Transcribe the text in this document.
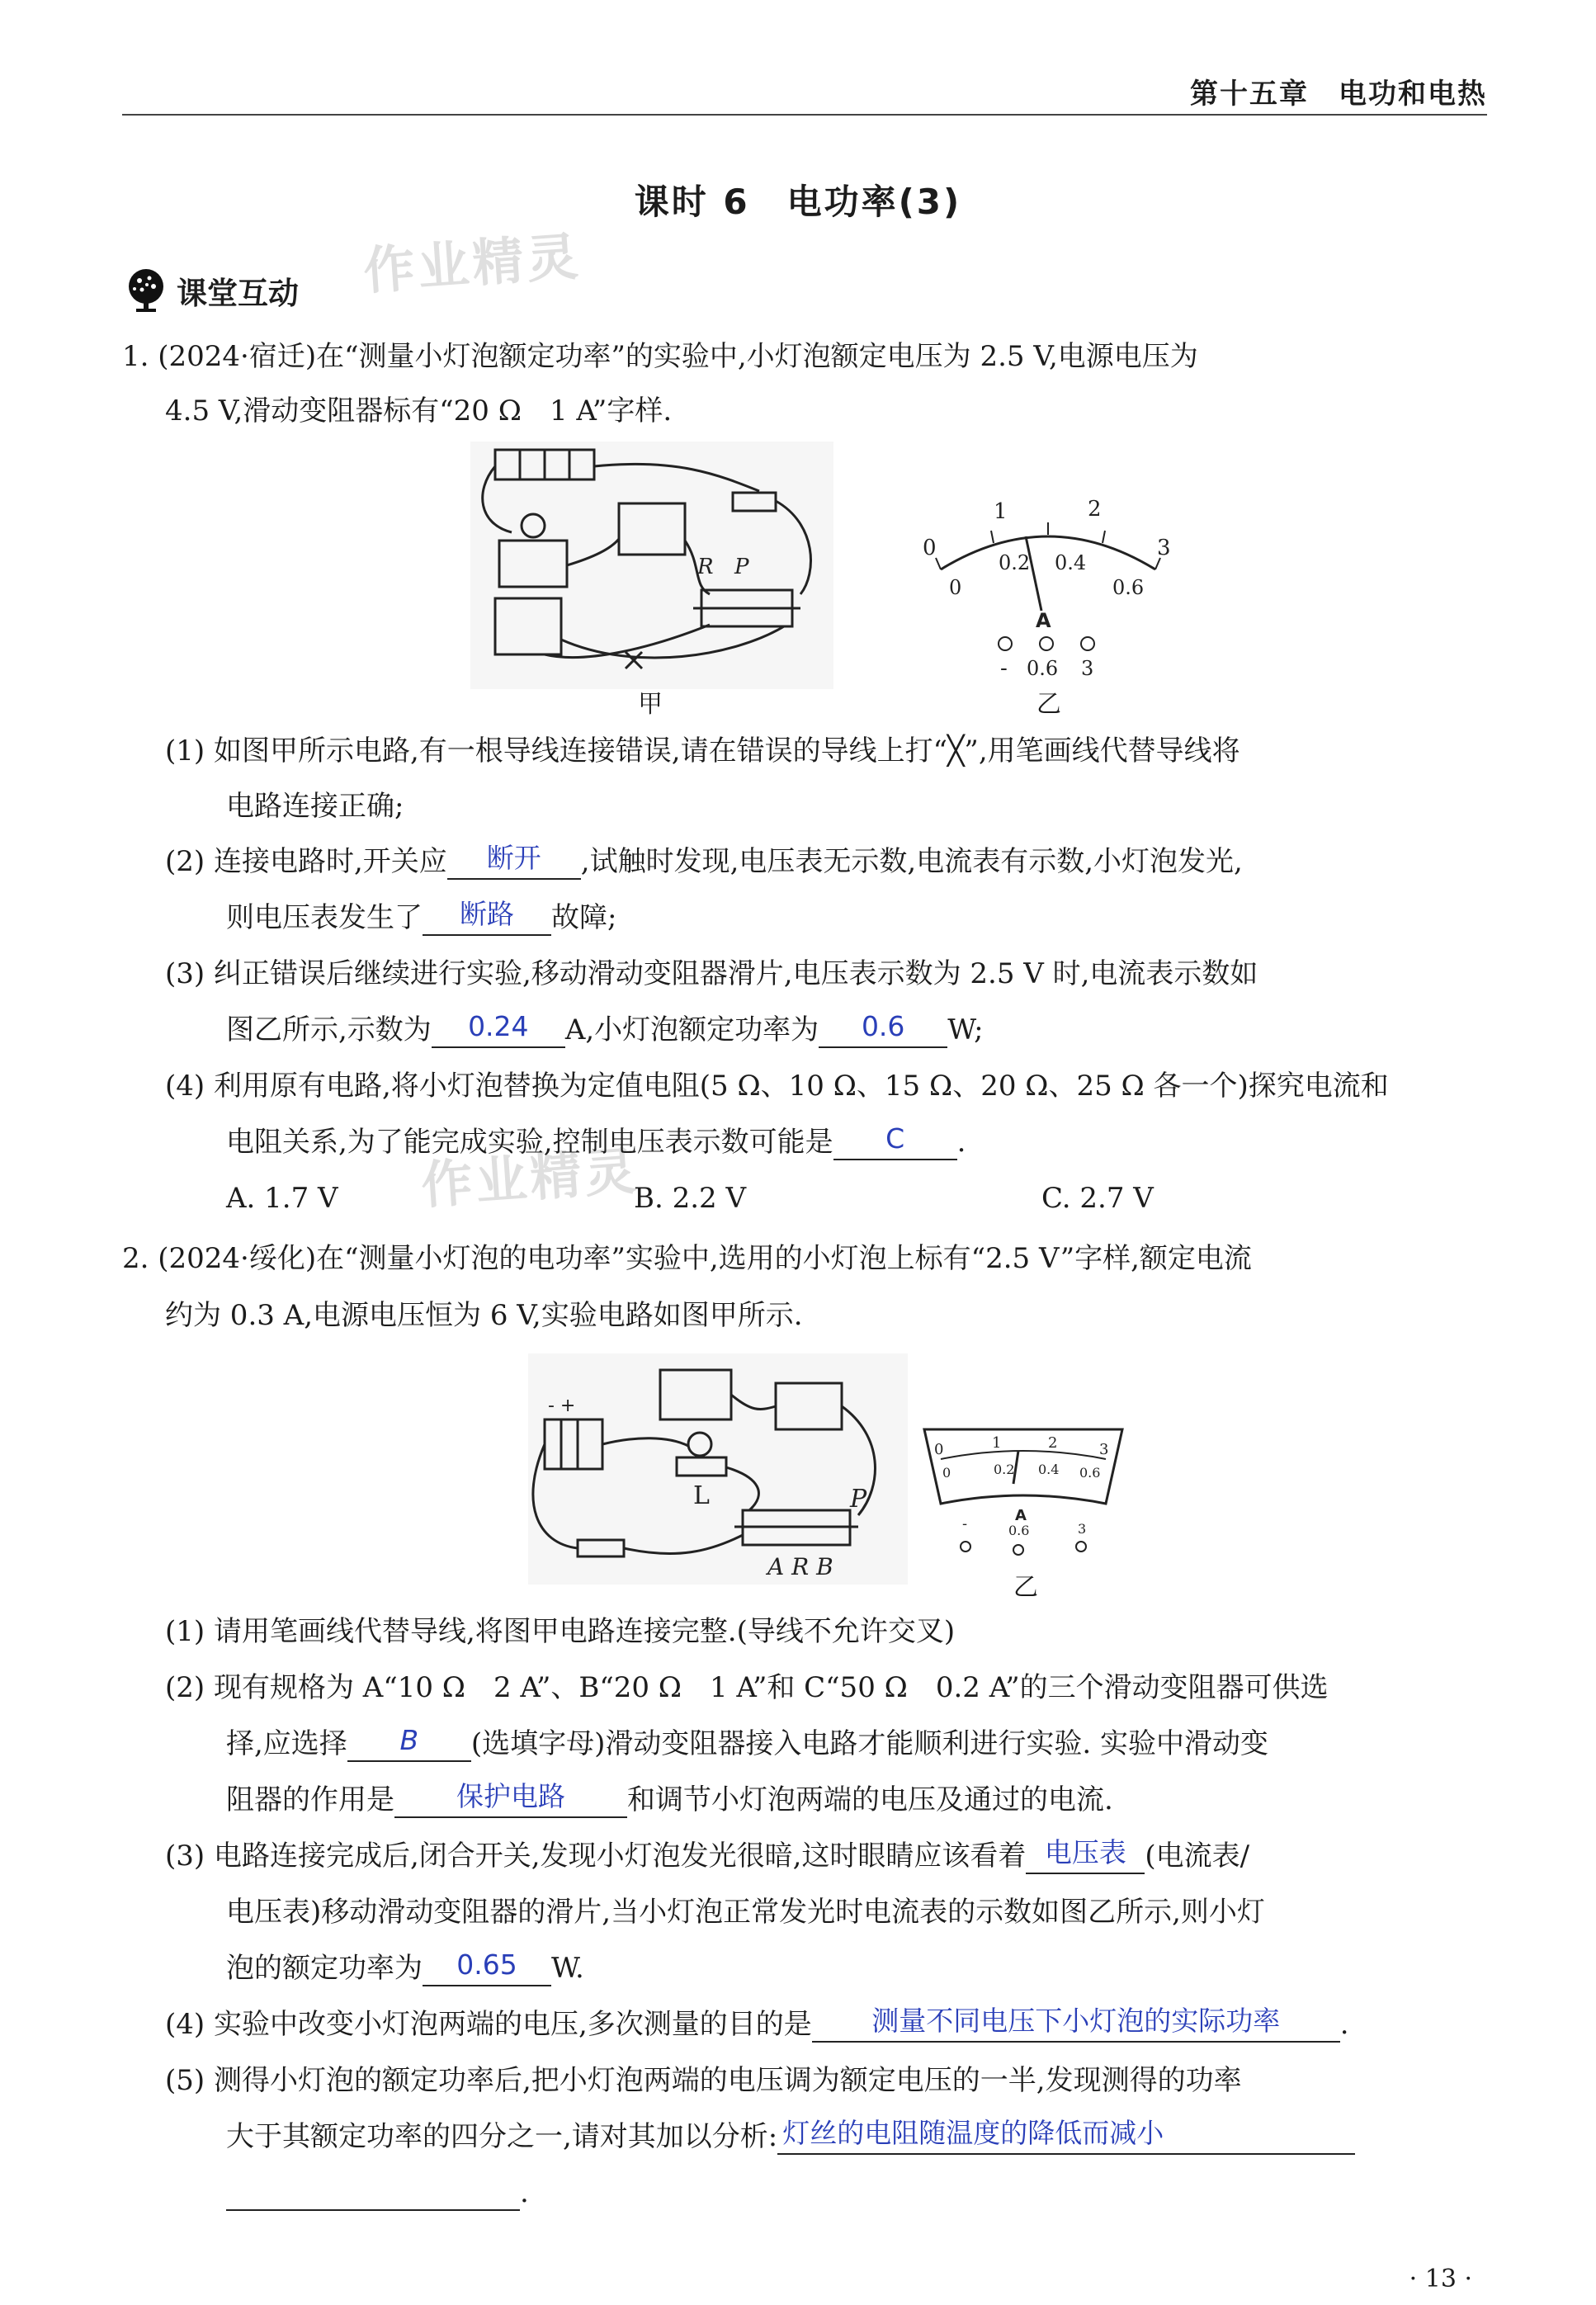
第十五章　电功和电热
课时 6　电功率(3)
作业精灵
作业精灵
课堂互动
1. (2024·宿迁)在“测量小灯泡额定功率”的实验中,小灯泡额定电压为 2.5 V,电源电压为
4.5 V,滑动变阻器标有“20 Ω　1 A”字样.
R P
甲
0
1	2
3
0
0.2 0.4
0.6
A
- 0.6 3
乙
(1) 如图甲所示电路,有一根导线连接错误,请在错误的导线上打“╳”,用笔画线代替导线将
电路连接正确;
(2) 连接电路时,开关应	断开	,试触时发现,电压表无示数,电流表有示数,小灯泡发光,
则电压表发生了	断路	故障;
(3) 纠正错误后继续进行实验,移动滑动变阻器滑片,电压表示数为 2.5 V 时,电流表示数如
图乙所示,示数为	0.24	A,小灯泡额定功率为	0.6	W;
(4) 利用原有电路,将小灯泡替换为定值电阻(5 Ω、10 Ω、15 Ω、20 Ω、25 Ω 各一个)探究电流和
电阻关系,为了能完成实验,控制电压表示数可能是	C	.
A. 1.7 V	B. 2.2 V	C. 2.7 V
2. (2024·绥化)在“测量小灯泡的电功率”实验中,选用的小灯泡上标有“2.5 V”字样,额定电流
约为 0.3 A,电源电压恒为 6 V,实验电路如图甲所示.
- +
L
A R B
P
0	1	2	3
0	0.2 0.4 0.6
A
-	0.6	3
乙
(1) 请用笔画线代替导线,将图甲电路连接完整.(导线不允许交叉)
(2) 现有规格为 A“10 Ω　2 A”、B“20 Ω　1 A”和 C“50 Ω　0.2 A”的三个滑动变阻器可供选
择,应选择	B	(选填字母)滑动变阻器接入电路才能顺利进行实验. 实验中滑动变
阻器的作用是	保护电路	和调节小灯泡两端的电压及通过的电流.
(3) 电路连接完成后,闭合开关,发现小灯泡发光很暗,这时眼睛应该看着 电压表 (电流表/
电压表)移动滑动变阻器的滑片,当小灯泡正常发光时电流表的示数如图乙所示,则小灯
泡的额定功率为	0.65	W.
(4) 实验中改变小灯泡两端的电压,多次测量的目的是	测量不同电压下小灯泡的实际功率	.
(5) 测得小灯泡的额定功率后,把小灯泡两端的电压调为额定电压的一半,发现测得的功率
大于其额定功率的四分之一,请对其加以分析: 灯丝的电阻随温度的降低而减小
.
· 13 ·
